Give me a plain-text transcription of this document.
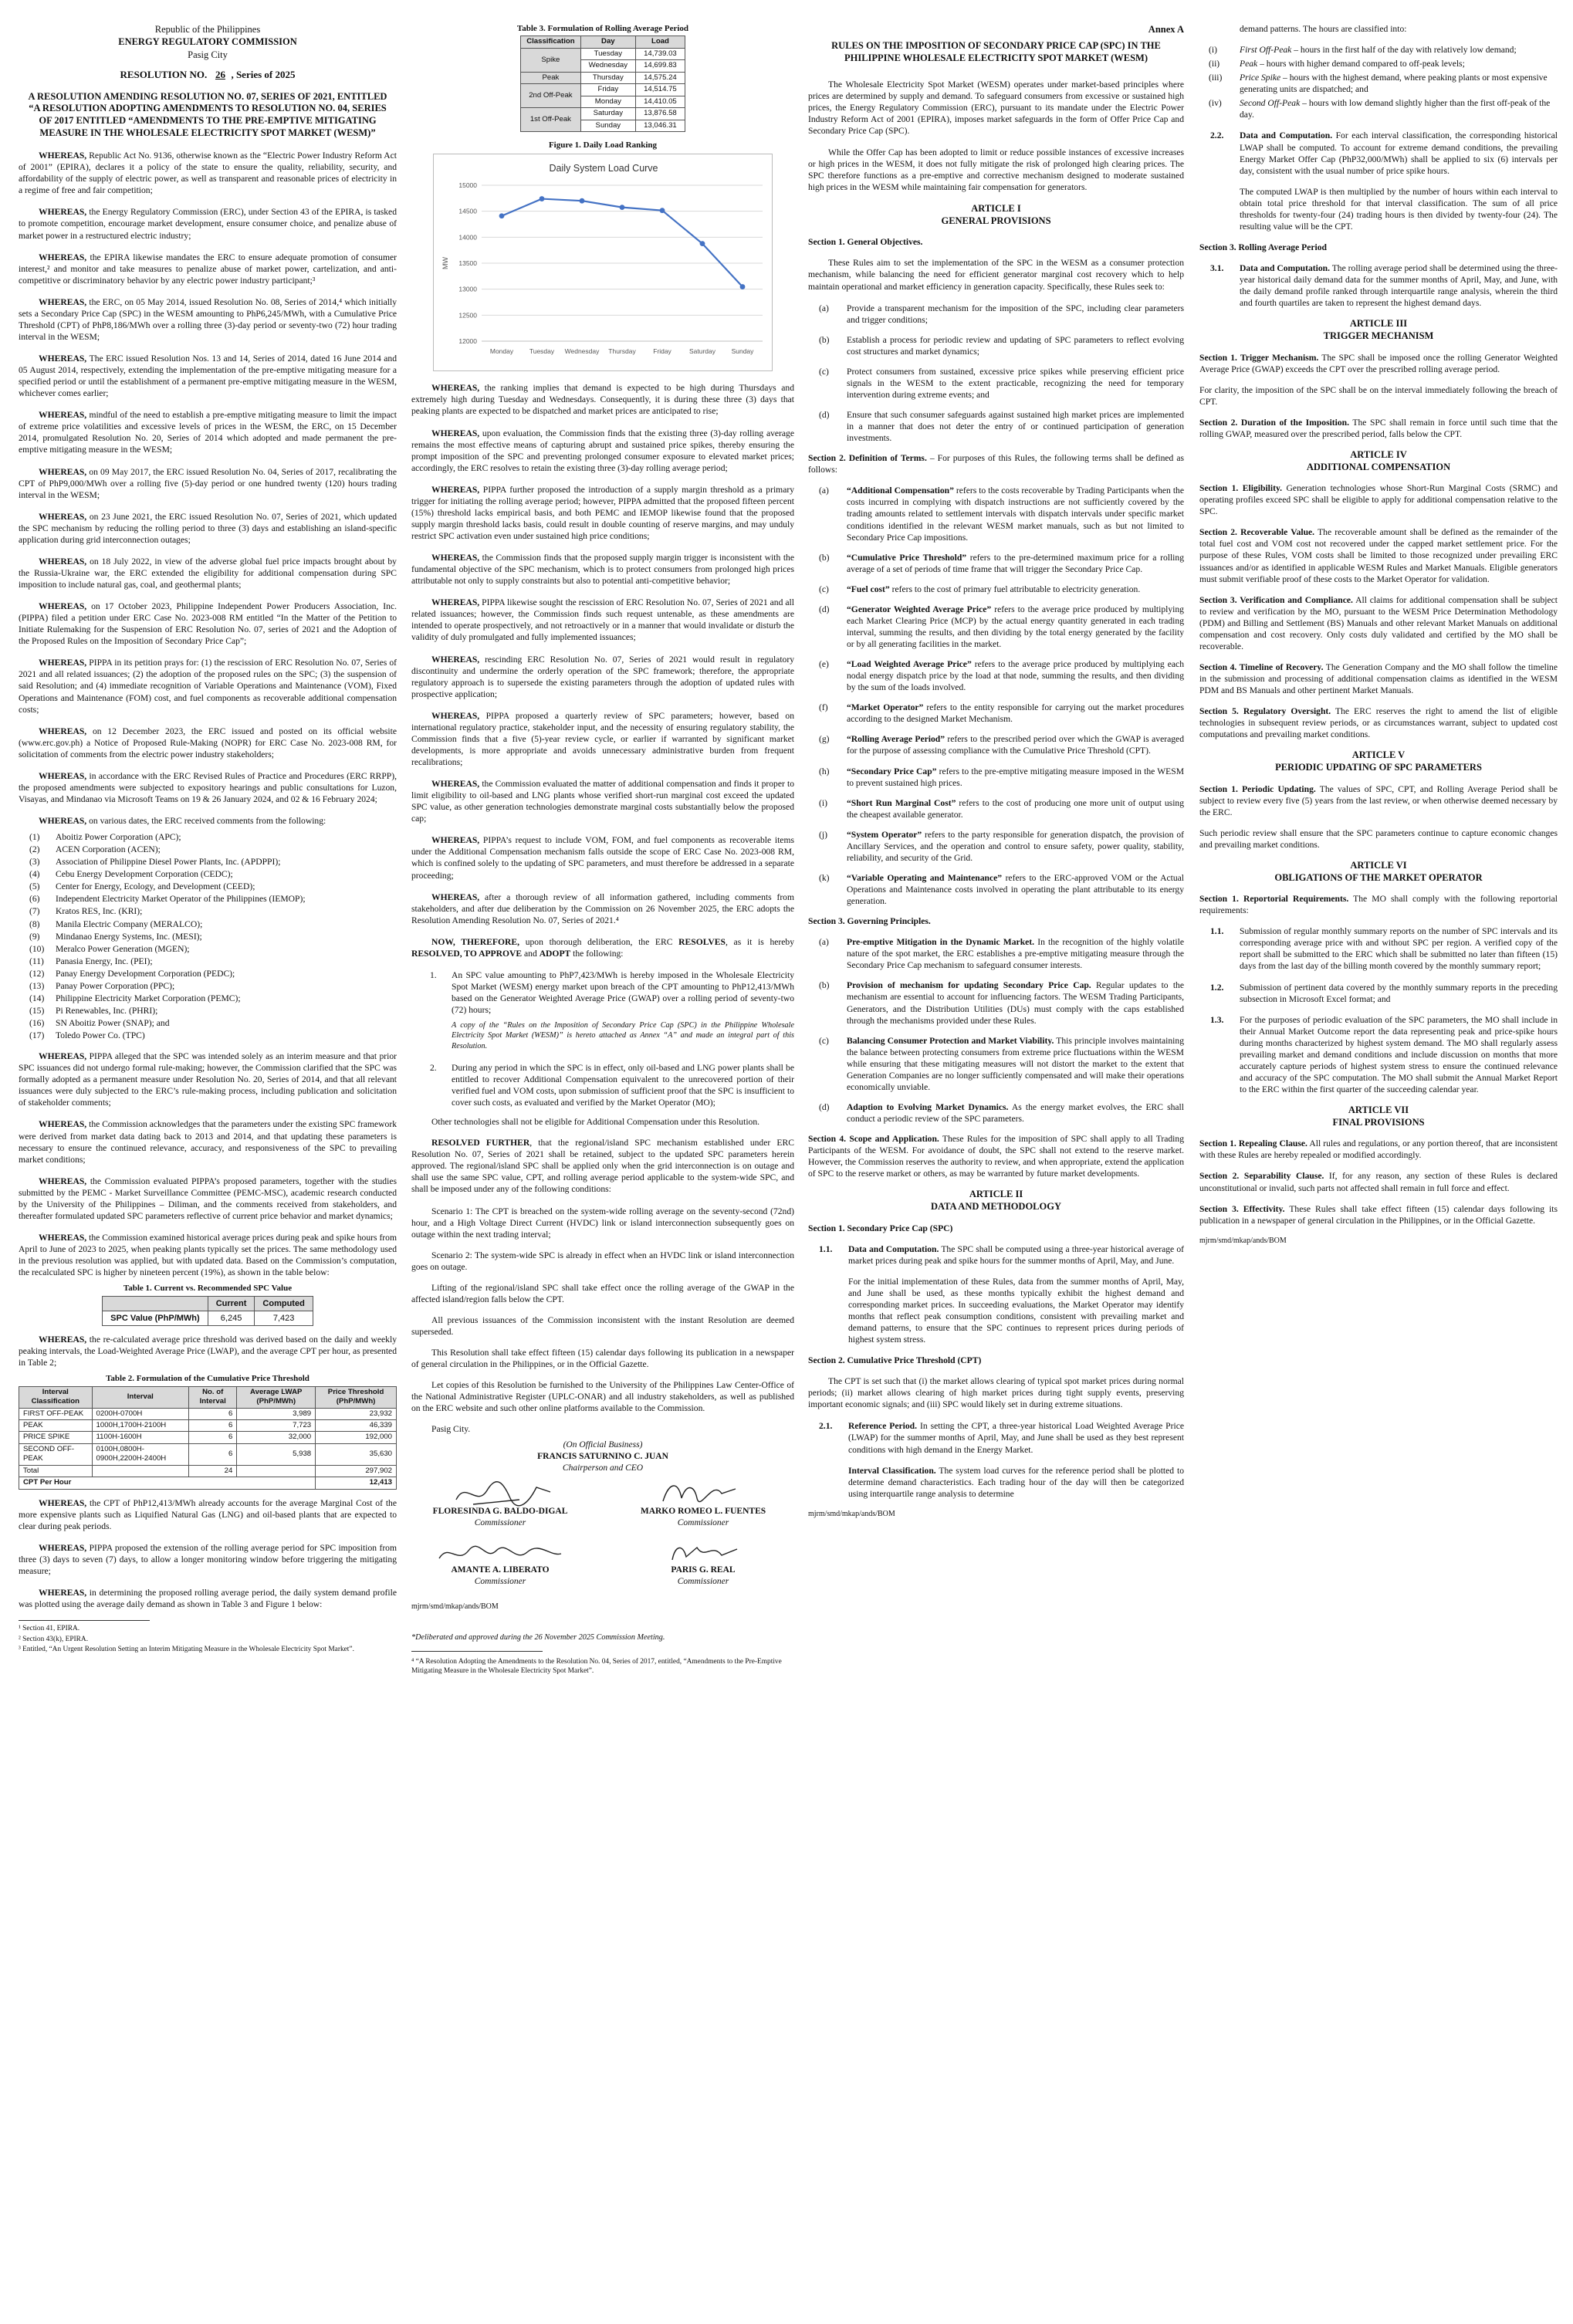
Republic of the Philippines
ENERGY REGULATORY COMMISSION
Pasig City
RESOLUTION NO. 26 , Series of 2025
A RESOLUTION AMENDING RESOLUTION NO. 07, SERIES OF 2021, ENTITLED “A RESOLUTION ADOPTING AMENDMENTS TO RESOLUTION NO. 04, SERIES OF 2017 ENTITLED “AMENDMENTS TO THE PRE-EMPTIVE MITIGATING MEASURE IN THE WHOLESALE ELECTRICITY SPOT MARKET (WESM)”

WHEREAS, Republic Act No. 9136, otherwise known as the “Electric Power Industry Reform Act of 2001” (EPIRA), declares it a policy of the state to ensure the quality, reliability, security, and affordability of the supply of electric power, as well as transparent and reasonable prices of electricity in a regime of free and fair competition;

WHEREAS, the Energy Regulatory Commission (ERC), under Section 43 of the EPIRA, is tasked to promote competition, encourage market development, ensure consumer choice, and penalize abuse of market power in a restructured electric industry;

WHEREAS, the EPIRA likewise mandates the ERC to ensure adequate promotion of consumer interest,² and monitor and take measures to penalize abuse of market power, cartelization, and anti-competitive or discriminatory behavior by any electric power industry participant;³

WHEREAS, the ERC, on 05 May 2014, issued Resolution No. 08, Series of 2014,⁴ which initially sets a Secondary Price Cap (SPC) in the WESM amounting to PhP6,245/MWh, with a Cumulative Price Threshold (CPT) of PhP8,186/MWh over a rolling three (3)-day period or seventy-two (72) hour trading interval in the WESM;

WHEREAS, The ERC issued Resolution Nos. 13 and 14, Series of 2014, dated 16 June 2014 and 05 August 2014, respectively, extending the implementation of the pre-emptive mitigating measure for a specified period or until the establishment of a permanent pre-emptive mitigating measure in the WESM, whichever comes earlier;

WHEREAS, mindful of the need to establish a pre-emptive mitigating measure to limit the impact of extreme price volatilities and excessive levels of prices in the WESM, the ERC, on 15 December 2014, promulgated Resolution No. 20, Series of 2014 which adopted and made permanent the pre-emptive mitigating measure in the WESM;

WHEREAS, on 09 May 2017, the ERC issued Resolution No. 04, Series of 2017, recalibrating the CPT of PhP9,000/MWh over a rolling five (5)-day period or one hundred twenty (120) hours trading interval in the WESM;

WHEREAS, on 23 June 2021, the ERC issued Resolution No. 07, Series of 2021, which updated the SPC mechanism by reducing the rolling period to three (3) days and establishing an island-specific application during grid interconnection outages;

WHEREAS, on 18 July 2022, in view of the adverse global fuel price impacts brought about by the Russia-Ukraine war, the ERC extended the eligibility for additional compensation during SPC imposition to include natural gas, coal, and geothermal plants;

WHEREAS, on 17 October 2023, Philippine Independent Power Producers Association, Inc. (PIPPA) filed a petition under ERC Case No. 2023-008 RM entitled “In the Matter of the Petition to Initiate Rulemaking for the Suspension of ERC Resolution No. 07, series of 2021 and the Adoption of the Proposed Rules on the Imposition of Secondary Price Cap”;

WHEREAS, PIPPA in its petition prays for: (1) the rescission of ERC Resolution No. 07, Series of 2021 and all related issuances; (2) the adoption of the proposed rules on the SPC; (3) the suspension of said Resolution; and (4) immediate recognition of Variable Operations and Maintenance (VOM), Fixed Operations and Maintenance (FOM) cost, and fuel components as recoverable additional compensation costs;

WHEREAS, on 12 December 2023, the ERC issued and posted on its official website (www.erc.gov.ph) a Notice of Proposed Rule-Making (NOPR) for ERC Case No. 2023-008 RM, for solicitation of comments from the electric power industry stakeholders;

WHEREAS, in accordance with the ERC Revised Rules of Practice and Procedures (ERC RRPP), the proposed amendments were subjected to expository hearings and public consultations for Luzon, Visayas, and Mindanao via Microsoft Teams on 19 & 26 January 2024, and 02 & 16 February 2024;

WHEREAS, on various dates, the ERC received comments from the following:

(1)	Aboitiz Power Corporation (APC);
(2)	ACEN Corporation (ACEN);
(3)	Association of Philippine Diesel Power Plants, Inc. (APDPPI);
(4)	Cebu Energy Development Corporation (CEDC);
(5)	Center for Energy, Ecology, and Development (CEED);
(6)	Independent Electricity Market Operator of the Philippines (IEMOP);
(7)	Kratos RES, Inc. (KRI);
(8)	Manila Electric Company (MERALCO);
(9)	Mindanao Energy Systems, Inc. (MESI);
(10)	Meralco Power Generation (MGEN);
(11)	Panasia Energy, Inc. (PEI);
(12)	Panay Energy Development Corporation (PEDC);
(13)	Panay Power Corporation (PPC);
(14)	Philippine Electricity Market Corporation (PEMC);
(15)	Pi Renewables, Inc. (PHRI);
(16)	SN Aboitiz Power (SNAP); and
(17)	Toledo Power Co. (TPC)

WHEREAS, PIPPA alleged that the SPC was intended solely as an interim measure and that prior SPC issuances did not undergo formal rule-making; however, the Commission clarified that the SPC was formally adopted as a permanent measure under Resolution No. 20, Series of 2014, and that all relevant issuances were duly subjected to the ERC’s rule-making process, including publication and solicitation of stakeholder comments;

WHEREAS, the Commission acknowledges that the parameters under the existing SPC framework were derived from market data dating back to 2013 and 2014, and that updating these parameters is necessary to ensure the continued relevance, accuracy, and responsiveness of the SPC to prevailing market conditions;

WHEREAS, the Commission evaluated PIPPA’s proposed parameters, together with the studies submitted by the PEMC - Market Surveillance Committee (PEMC-MSC), academic research conducted by the University of the Philippines – Diliman, and the comments received from stakeholders, and thereafter formulated updated SPC parameters reflective of current price behavior and market dynamics;

WHEREAS, the Commission examined historical average prices during peak and spike hours from April to June of 2023 to 2025, when peaking plants typically set the prices. The same methodology used in the previous resolution was applied, but with updated data. Based on the Commission’s computation, the recalculated SPC is higher by nineteen percent (19%), as shown in the table below:

Table 1. Current vs. Recommended SPC Value
	Current	Computed
SPC Value (PhP/MWh)	6,245	7,423

WHEREAS, the re-calculated average price threshold was derived based on the daily and weekly peaking intervals, the Load-Weighted Average Price (LWAP), and the average CPT per hour, as presented in Table 2;

Table 2. Formulation of the Cumulative Price Threshold
Interval Classification	Interval	No. of Interval	Average LWAP (PhP/MWh)	Price Threshold (PhP/MWh)
FIRST OFF-PEAK	0200H-0700H	6	3,989	23,932
PEAK	1000H,1700H-2100H	6	7,723	46,339
PRICE SPIKE	1100H-1600H	6	32,000	192,000
SECOND OFF-PEAK	0100H,0800H-0900H,2200H-2400H	6	5,938	35,630
Total		24		297,902
CPT Per Hour				12,413

WHEREAS, the CPT of PhP12,413/MWh already accounts for the average Marginal Cost of the more expensive plants such as Liquified Natural Gas (LNG) and oil-based plants that are expected to clear during peak periods.

WHEREAS, PIPPA proposed the extension of the rolling average period for SPC imposition from three (3) days to seven (7) days, to allow a longer monitoring window before triggering the mitigating measure;

WHEREAS, in determining the proposed rolling average period, the daily system demand profile was plotted using the average daily demand as shown in Table 3 and Figure 1 below:

¹ Section 41, EPIRA.
² Section 43(k), EPIRA.
³ Entitled, “An Urgent Resolution Setting an Interim Mitigating Measure in the Wholesale Electricity Spot Market”.
Table 3. Formulation of Rolling Average Period
Classification	Day	Load
Spike	Tuesday	14,739.03
	Wednesday	14,699.83
Peak	Thursday	14,575.24
2nd Off-Peak	Friday	14,514.75
	Monday	14,410.05
1st Off-Peak	Saturday	13,876.58
	Sunday	13,046.31
Figure 1. Daily Load Ranking
Daily System Load Curve
15000
14500
14000
13500
13000
12500
12000
MW
Monday Tuesday Wednesday Thursday	Friday	Saturday Sunday

WHEREAS, the ranking implies that demand is expected to be high during Thursdays and extremely high during Tuesday and Wednesdays. Consequently, it is during these three (3) days that peaking plants are expected to be dispatched and market prices are anticipated to rise;

WHEREAS, upon evaluation, the Commission finds that the existing three (3)-day rolling average remains the most effective means of capturing abrupt and sustained price spikes, thereby ensuring the prompt imposition of the SPC and preventing prolonged consumer exposure to elevated market prices; accordingly, the ERC resolves to retain the existing three (3)-day rolling average period;

WHEREAS, PIPPA further proposed the introduction of a supply margin threshold as a primary trigger for initiating the rolling average period; however, PIPPA admitted that the proposed fifteen percent (15%) threshold lacks empirical basis, and both PEMC and IEMOP likewise found that the proposed supply margin threshold lacks basis, could result in double counting of reserve margins, and may unduly restrict SPC activation even under sustained high price conditions;

WHEREAS, the Commission finds that the proposed supply margin trigger is inconsistent with the fundamental objective of the SPC mechanism, which is to protect consumers from prolonged high prices attributable not only to supply constraints but also to potential anti-competitive behavior;

WHEREAS, PIPPA likewise sought the rescission of ERC Resolution No. 07, Series of 2021 and all related issuances; however, the Commission finds such request untenable, as these amendments are intended to operate prospectively, and not retroactively or in a manner that would invalidate or disturb the validity of duly promulgated and fully implemented issuances;

WHEREAS, rescinding ERC Resolution No. 07, Series of 2021 would result in regulatory discontinuity and undermine the orderly operation of the SPC framework; therefore, the appropriate regulatory approach is to supersede the existing parameters through the adoption of updated rules with prospective application;

WHEREAS, PIPPA proposed a quarterly review of SPC parameters; however, based on international regulatory practice, stakeholder input, and the necessity of ensuring regulatory stability, the Commission finds that a five (5)-year review cycle, or earlier if warranted by significant market developments, is more appropriate and avoids unnecessary administrative burden from frequent recalibrations;

WHEREAS, the Commission evaluated the matter of additional compensation and finds it proper to limit eligibility to oil-based and LNG plants whose verified short-run marginal cost exceed the updated SPC value, as other generation technologies demonstrate marginal costs substantially below the proposed cap;

WHEREAS, PIPPA’s request to include VOM, FOM, and fuel components as recoverable items under the Additional Compensation mechanism falls outside the scope of ERC Case No. 2023-008 RM, which is confined solely to the updating of SPC parameters, and must therefore be addressed in a separate proceeding;

WHEREAS, after a thorough review of all information gathered, including comments from stakeholders, and after due deliberation by the Commission on 26 November 2025, the ERC adopts the Resolution Amending Resolution No. 07, Series of 2021.⁴

NOW, THEREFORE, upon thorough deliberation, the ERC RESOLVES, as it is hereby RESOLVED, TO APPROVE and ADOPT the following:

1.	An SPC value amounting to PhP7,423/MWh is hereby imposed in the Wholesale Electricity Spot Market (WESM) energy market upon breach of the CPT amounting to PhP12,413/MWh based on the Generator Weighted Average Price (GWAP) over a rolling period of seventy-two (72) hours;
A copy of the “Rules on the Imposition of Secondary Price Cap (SPC) in the Philippine Wholesale Electricity Spot Market (WESM)” is hereto attached as Annex “A” and made an integral part of this Resolution.
2.	During any period in which the SPC is in effect, only oil-based and LNG power plants shall be entitled to recover Additional Compensation equivalent to the unrecovered portion of their verified fuel and VOM costs, upon submission of sufficient proof that the SPC is insufficient to cover such costs, as evaluated and verified by the Market Operator (MO);

Other technologies shall not be eligible for Additional Compensation under this Resolution.

RESOLVED FURTHER, that the regional/island SPC mechanism established under ERC Resolution No. 07, Series of 2021 shall be retained, subject to the updated SPC parameters herein approved. The regional/island SPC shall be applied only when the grid interconnection is on outage and shall use the same SPC value, CPT, and rolling average period applicable to the system-wide SPC, and shall be imposed under any of the following conditions:

Scenario 1: The CPT is breached on the system-wide rolling average on the seventy-second (72nd) hour, and a High Voltage Direct Current (HVDC) link or island interconnection subsequently goes on outage within the next trading interval;

Scenario 2: The system-wide SPC is already in effect when an HVDC link or island interconnection goes on outage.

Lifting of the regional/island SPC shall take effect once the rolling average of the GWAP in the affected island/region falls below the CPT.

All previous issuances of the Commission inconsistent with the instant Resolution are deemed superseded.

This Resolution shall take effect fifteen (15) calendar days following its publication in a newspaper of general circulation in the Philippines, or in the Official Gazette.

Let copies of this Resolution be furnished to the University of the Philippines Law Center-Office of the National Administrative Register (UPLC-ONAR) and all industry stakeholders, as well as published on the ERC website and such other online platforms available to the Commission.

Pasig City.

(On Official Business)
FRANCIS SATURNINO C. JUAN
Chairperson and CEO
FLORESINDA G. BALDO-DIGAL
Commissioner
MARKO ROMEO L. FUENTES
Commissioner
AMANTE A. LIBERATO
Commissioner
PARIS G. REAL
Commissioner
mjrm/smd/mkap/ands/BOM
*Deliberated and approved during the 26 November 2025 Commission Meeting.
⁴ “A Resolution Adopting the Amendments to the Resolution No. 04, Series of 2017, entitled, “Amendments to the Pre-Emptive Mitigating Measure in the Wholesale Electricity Spot Market”.
Annex A
RULES ON THE IMPOSITION OF SECONDARY PRICE CAP (SPC) IN THE PHILIPPINE WHOLESALE ELECTRICITY SPOT MARKET (WESM)

The Wholesale Electricity Spot Market (WESM) operates under market-based principles where prices are determined by supply and demand. To safeguard consumers from excessive or sustained high prices, the Energy Regulatory Commission (ERC), pursuant to its mandate under the Electric Power Industry Reform Act of 2001 (EPIRA), imposes market safeguards in the form of Offer Price Cap and Secondary Price Cap (SPC).

While the Offer Cap has been adopted to limit or reduce possible instances of excessive increases or high prices in the WESM, it does not fully mitigate the risk of prolonged high clearing prices. The SPC therefore functions as a pre-emptive and corrective mechanism designed to moderate sustained high prices in the WESM while maintaining fair compensation for generators.

ARTICLE I
GENERAL PROVISIONS

Section 1. General Objectives.

These Rules aim to set the implementation of the SPC in the WESM as a consumer protection mechanism, while balancing the need for efficient generator marginal cost recovery which to help maintain operational and market efficiency in generation capacity. Specifically, these Rules seek to:

(a)	Provide a transparent mechanism for the imposition of the SPC, including clear parameters and trigger conditions;
(b)	Establish a process for periodic review and updating of SPC parameters to reflect evolving cost structures and market dynamics;
(c)	Protect consumers from sustained, excessive price spikes while preserving efficient price signals in the WESM to the extent practicable, recognizing the need for temporary intervention during extreme events; and
(d)	Ensure that such consumer safeguards against sustained high market prices are implemented in a manner that does not deter the entry of or continued participation of generation investments.

Section 2. Definition of Terms. – For purposes of this Rules, the following terms shall be defined as follows:

(a)	“Additional Compensation” refers to the costs recoverable by Trading Participants when the costs incurred in complying with dispatch instructions are not sufficiently covered by the trading amounts related to settlement intervals with dispatch intervals under specific market conditions identified in the relevant WESM market manuals, such as but not limited to Secondary Price Cap impositions.
(b)	“Cumulative Price Threshold” refers to the pre-determined maximum price for a rolling average of a set of periods of time frame that will trigger the Secondary Price Cap.
(c)	“Fuel cost” refers to the cost of primary fuel attributable to electricity generation.
(d)	“Generator Weighted Average Price” refers to the average price produced by multiplying each Market Clearing Price (MCP) by the actual energy quantity generated in each trading interval, summing the results, and then dividing by the total energy generated by the facility or by all generating facilities in the market.
(e)	“Load Weighted Average Price” refers to the average price produced by multiplying each nodal energy dispatch price by the load at that node, summing the results, and then dividing by the sum of the loads involved.
(f)	“Market Operator” refers to the entity responsible for carrying out the market procedures according to the designed Market Mechanism.
(g)	“Rolling Average Period” refers to the prescribed period over which the GWAP is averaged for the purpose of assessing compliance with the Cumulative Price Threshold (CPT).
(h)	“Secondary Price Cap” refers to the pre-emptive mitigating measure imposed in the WESM to prevent sustained high prices.
(i)	“Short Run Marginal Cost” refers to the cost of producing one more unit of output using the cheapest available generator.
(j)	“System Operator” refers to the party responsible for generation dispatch, the provision of Ancillary Services, and the operation and control to ensure safety, power quality, stability, reliability, and security of the Grid.
(k)	“Variable Operating and Maintenance” refers to the ERC-approved VOM or the Actual Operations and Maintenance costs involved in operating the plant attributable to its energy generation.

Section 3. Governing Principles.

(a)	Pre-emptive Mitigation in the Dynamic Market. In the recognition of the highly volatile nature of the spot market, the ERC establishes a pre-emptive mitigating measure through the Secondary Price Cap mechanism to safeguard consumer interests.
(b)	Provision of mechanism for updating Secondary Price Cap. Regular updates to the mechanism are essential to account for influencing factors. The WESM Trading Participants, Generators, and the Distribution Utilities (DUs) must comply with the caps established through the mechanisms provided under these Rules.
(c)	Balancing Consumer Protection and Market Viability. This principle involves maintaining the balance between protecting consumers from extreme price fluctuations within the WESM while ensuring that these mitigating measures will not distort the market to the extent that Generation Companies are no longer sufficiently compensated and will make their operations economically unviable.
(d)	Adaption to Evolving Market Dynamics. As the energy market evolves, the ERC shall conduct a periodic review of the SPC parameters.

Section 4. Scope and Application. These Rules for the imposition of SPC shall apply to all Trading Participants of the WESM. For avoidance of doubt, the SPC shall not extend to the reserve market. However, the Commission reserves the authority to review, and when appropriate, extend the application of SPC to the reserve market or others, as may be warranted by future market developments.

ARTICLE II
DATA AND METHODOLOGY

Section 1. Secondary Price Cap (SPC)

1.1.	Data and Computation. The SPC shall be computed using a three-year historical average of market prices during peak and spike hours for the summer months of April, May, and June.

For the initial implementation of these Rules, data from the summer months of April, May, and June shall be used, as these months typically exhibit the highest demand and corresponding market prices. In succeeding evaluations, the Market Operator may identify months that reflect peak consumption conditions, consistent with prevailing market and demand patterns, to ensure that the SPC continues to represent prices during periods of highest system stress.

Section 2. Cumulative Price Threshold (CPT)

The CPT is set such that (i) the market allows clearing of typical spot market prices during normal periods; (ii) market allows clearing of high market prices during tight supply events, preserving important economic signals; and (iii) SPC would likely set in during extreme situations.

2.1.	Reference Period. In setting the CPT, a three-year historical Load Weighted Average Price (LWAP) for the summer months of April, May, and June shall be used as they best represent conditions with high demand in the Energy Market.

Interval Classification. The system load curves for the reference period shall be plotted to determine demand characteristics. Each trading hour of the day will then be categorized using interquartile range analysis to determine

mjrm/smd/mkap/ands/BOM

demand patterns. The hours are classified into:

(i)	First Off-Peak – hours in the first half of the day with relatively low demand;
(ii)	Peak – hours with higher demand compared to off-peak levels;
(iii)	Price Spike – hours with the highest demand, where peaking plants or most expensive generating units are dispatched; and
(iv)	Second Off-Peak – hours with low demand slightly higher than the first off-peak of the day.
2.2.	Data and Computation. For each interval classification, the corresponding historical LWAP shall be computed. To account for extreme demand conditions, the prevailing Energy Market Offer Cap (PhP32,000/MWh) shall be applied to six (6) intervals per day, consistent with the usual number of price spike hours.

The computed LWAP is then multiplied by the number of hours within each interval to obtain total price threshold for that interval classification. The sum of all price thresholds for twenty-four (24) trading hours is then divided by twenty-four (24). The resulting value will be the CPT.

Section 3. Rolling Average Period

3.1.	Data and Computation. The rolling average period shall be determined using the three-year historical daily demand data for the summer months of April, May, and June, with the daily demand profile ranked through interquartile range analysis, wherein the third and fourth quartiles are taken to represent the highest demand days.
ARTICLE III
TRIGGER MECHANISM

Section 1. Trigger Mechanism. The SPC shall be imposed once the rolling Generator Weighted Average Price (GWAP) exceeds the CPT over the prescribed rolling average period.

For clarity, the imposition of the SPC shall be on the interval immediately following the breach of CPT.

Section 2. Duration of the Imposition. The SPC shall remain in force until such time that the rolling GWAP, measured over the prescribed period, falls below the CPT.

ARTICLE IV
ADDITIONAL COMPENSATION

Section 1. Eligibility. Generation technologies whose Short-Run Marginal Costs (SRMC) and operating profiles exceed SPC shall be eligible to apply for additional compensation relative to the SPC.

Section 2. Recoverable Value. The recoverable amount shall be defined as the remainder of the total fuel cost and VOM cost not recovered under the capped market settlement price. For the purpose of these Rules, VOM costs shall be limited to those recognized under prevailing ERC issuances and/or as identified in applicable WESM Rules and Market Manuals. Eligible generators must submit verifiable proof of these costs to the Market Operator for validation.

Section 3. Verification and Compliance. All claims for additional compensation shall be subject to review and verification by the MO, pursuant to the WESM Price Determination Methodology (PDM) and Billing and Settlement (BS) Manuals and other relevant Market Manuals on additional compensation and cost recovery. Only costs duly validated and certified by the MO shall be recoverable.

Section 4. Timeline of Recovery. The Generation Company and the MO shall follow the timeline in the submission and processing of additional compensation claims as identified in the WESM PDM and BS Manuals and other pertinent Market Manuals.

Section 5. Regulatory Oversight. The ERC reserves the right to amend the list of eligible technologies in subsequent review periods, or as circumstances warrant, subject to updated cost computations and prevailing market conditions.

ARTICLE V
PERIODIC UPDATING OF SPC PARAMETERS

Section 1. Periodic Updating. The values of SPC, CPT, and Rolling Average Period shall be subject to review every five (5) years from the last review, or when otherwise deemed necessary by the ERC.

Such periodic review shall ensure that the SPC parameters continue to capture economic changes and prevailing market conditions.

ARTICLE VI
OBLIGATIONS OF THE MARKET OPERATOR

Section 1. Reportorial Requirements. The MO shall comply with the following reportorial requirements:

1.1.	Submission of regular monthly summary reports on the number of SPC intervals and its corresponding average price with and without SPC per region. A verified copy of the report shall be submitted to the ERC which shall be submitted no later than fifteen (15) days from the last day of the billing month covered by the monthly summary report;
1.2.	Submission of pertinent data covered by the monthly summary reports in the preceding subsection in Microsoft Excel format; and
1.3.	For the purposes of periodic evaluation of the SPC parameters, the MO shall include in their Annual Market Outcome report the data representing peak and price-spike hours during months characterized by highest system demand. The MO shall regularly assess prevailing market and demand conditions and include discussion on months that more accurately capture periods of highest system stress to ensure the continued relevance and accuracy of the SPC computation. The MO shall submit the Annual Market Report to the ERC within the first quarter of the succeeding calendar year.
ARTICLE VII
FINAL PROVISIONS

Section 1. Repealing Clause. All rules and regulations, or any portion thereof, that are inconsistent with these Rules are hereby repealed or modified accordingly.

Section 2. Separability Clause. If, for any reason, any section of these Rules is declared unconstitutional or invalid, such parts not affected shall remain in full force and effect.

Section 3. Effectivity. These Rules shall take effect fifteen (15) calendar days following its publication in a newspaper of general circulation in the Philippines, or in the Official Gazette.

mjrm/smd/mkap/ands/BOM
